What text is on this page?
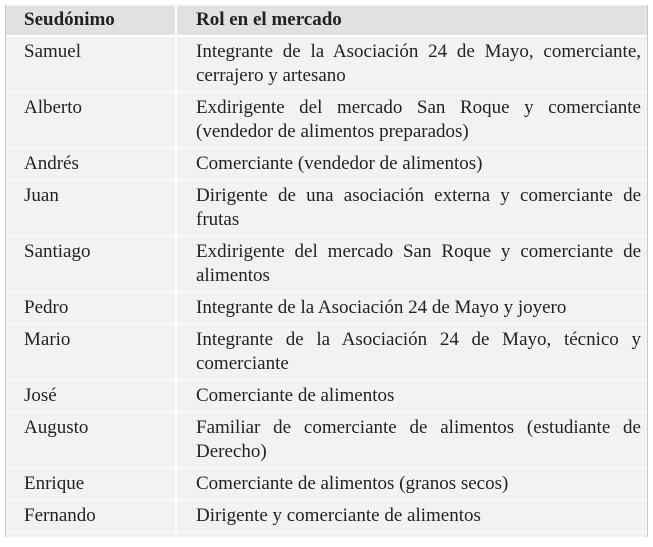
Seudónimo	Rol en el mercado
Samuel	Integrante de la Asociación 24 de Mayo, comerciante, cerrajero y artesano
Alberto	Exdirigente del mercado San Roque y comerciante (vendedor de alimentos preparados)
Andrés	Comerciante (vendedor de alimentos)
Juan	Dirigente de una asociación externa y comerciante de frutas
Santiago	Exdirigente del mercado San Roque y comerciante de alimentos
Pedro	Integrante de la Asociación 24 de Mayo y joyero
Mario	Integrante de la Asociación 24 de Mayo, técnico y comerciante
José	Comerciante de alimentos
Augusto	Familiar de comerciante de alimentos (estudiante de Derecho)
Enrique	Comerciante de alimentos (granos secos)
Fernando	Dirigente y comerciante de alimentos
